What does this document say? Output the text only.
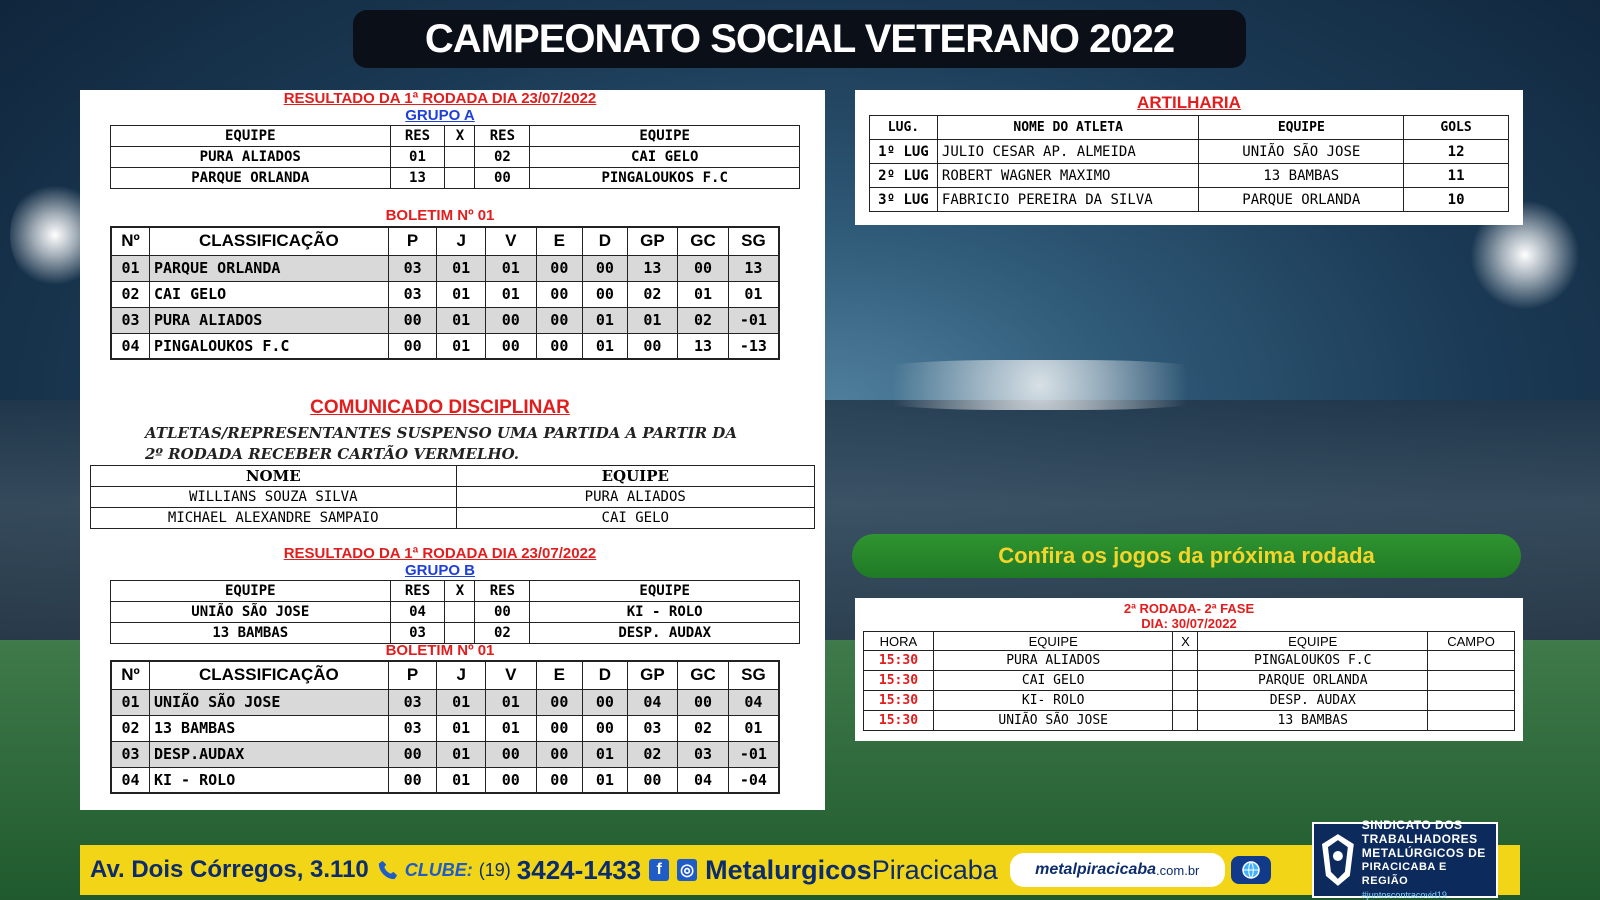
CAMPEONATO SOCIAL VETERANO 2022
RESULTADO DA 1ª RODADA DIA 23/07/2022
GRUPO A
EQUIPE	RES	X	RES	EQUIPE
PURA ALIADOS	01		02	CAI GELO
PARQUE ORLANDA	13		00	PINGALOUKOS F.C
BOLETIM Nº 01
Nº	CLASSIFICAÇÃO	P	J	V	E	D	GP	GC	SG
01	PARQUE ORLANDA	03	01	01	00	00	13	00	13
02	CAI GELO	03	01	01	00	00	02	01	01
03	PURA ALIADOS	00	01	00	00	01	01	02	-01
04	PINGALOUKOS F.C	00	01	00	00	01	00	13	-13
COMUNICADO DISCIPLINAR
ATLETAS/REPRESENTANTES SUSPENSO UMA PARTIDA A PARTIR DA
2º RODADA RECEBER CARTÃO VERMELHO.
NOME	EQUIPE
WILLIANS SOUZA SILVA	PURA ALIADOS
MICHAEL ALEXANDRE SAMPAIO	CAI GELO
RESULTADO DA 1ª RODADA DIA 23/07/2022
GRUPO B
EQUIPE	RES	X	RES	EQUIPE
UNIÃO SÃO JOSE	04		00	KI - ROLO
13 BAMBAS	03		02	DESP. AUDAX
BOLETIM Nº 01
Nº	CLASSIFICAÇÃO	P	J	V	E	D	GP	GC	SG
01	UNIÃO SÃO JOSE	03	01	01	00	00	04	00	04
02	13 BAMBAS	03	01	01	00	00	03	02	01
03	DESP.AUDAX	00	01	00	00	01	02	03	-01
04	KI - ROLO	00	01	00	00	01	00	04	-04
ARTILHARIA
LUG.	NOME DO ATLETA	EQUIPE	GOLS
1º LUG	JULIO CESAR AP. ALMEIDA	UNIÃO SÃO JOSE	12
2º LUG	ROBERT WAGNER MAXIMO	13 BAMBAS	11
3º LUG	FABRICIO PEREIRA DA SILVA	PARQUE ORLANDA	10
Confira os jogos da próxima rodada
2ª RODADA- 2ª FASE
DIA: 30/07/2022
HORA	EQUIPE	X	EQUIPE	CAMPO
15:30	PURA ALIADOS		PINGALOUKOS F.C	
15:30	CAI GELO		PARQUE ORLANDA	
15:30	KI- ROLO		DESP. AUDAX	
15:30	UNIÃO SÃO JOSE		13 BAMBAS	
Av. Dois Córregos, 3.110 CLUBE: (19) 3424-1433 f	◎ MetalurgicosPiracicaba metal piracicaba .com.br
SINDICATO DOS
TRABALHADORES
METALÚRGICOS DE
PIRACICABA E REGIÃO
#juntoscontracovid19
